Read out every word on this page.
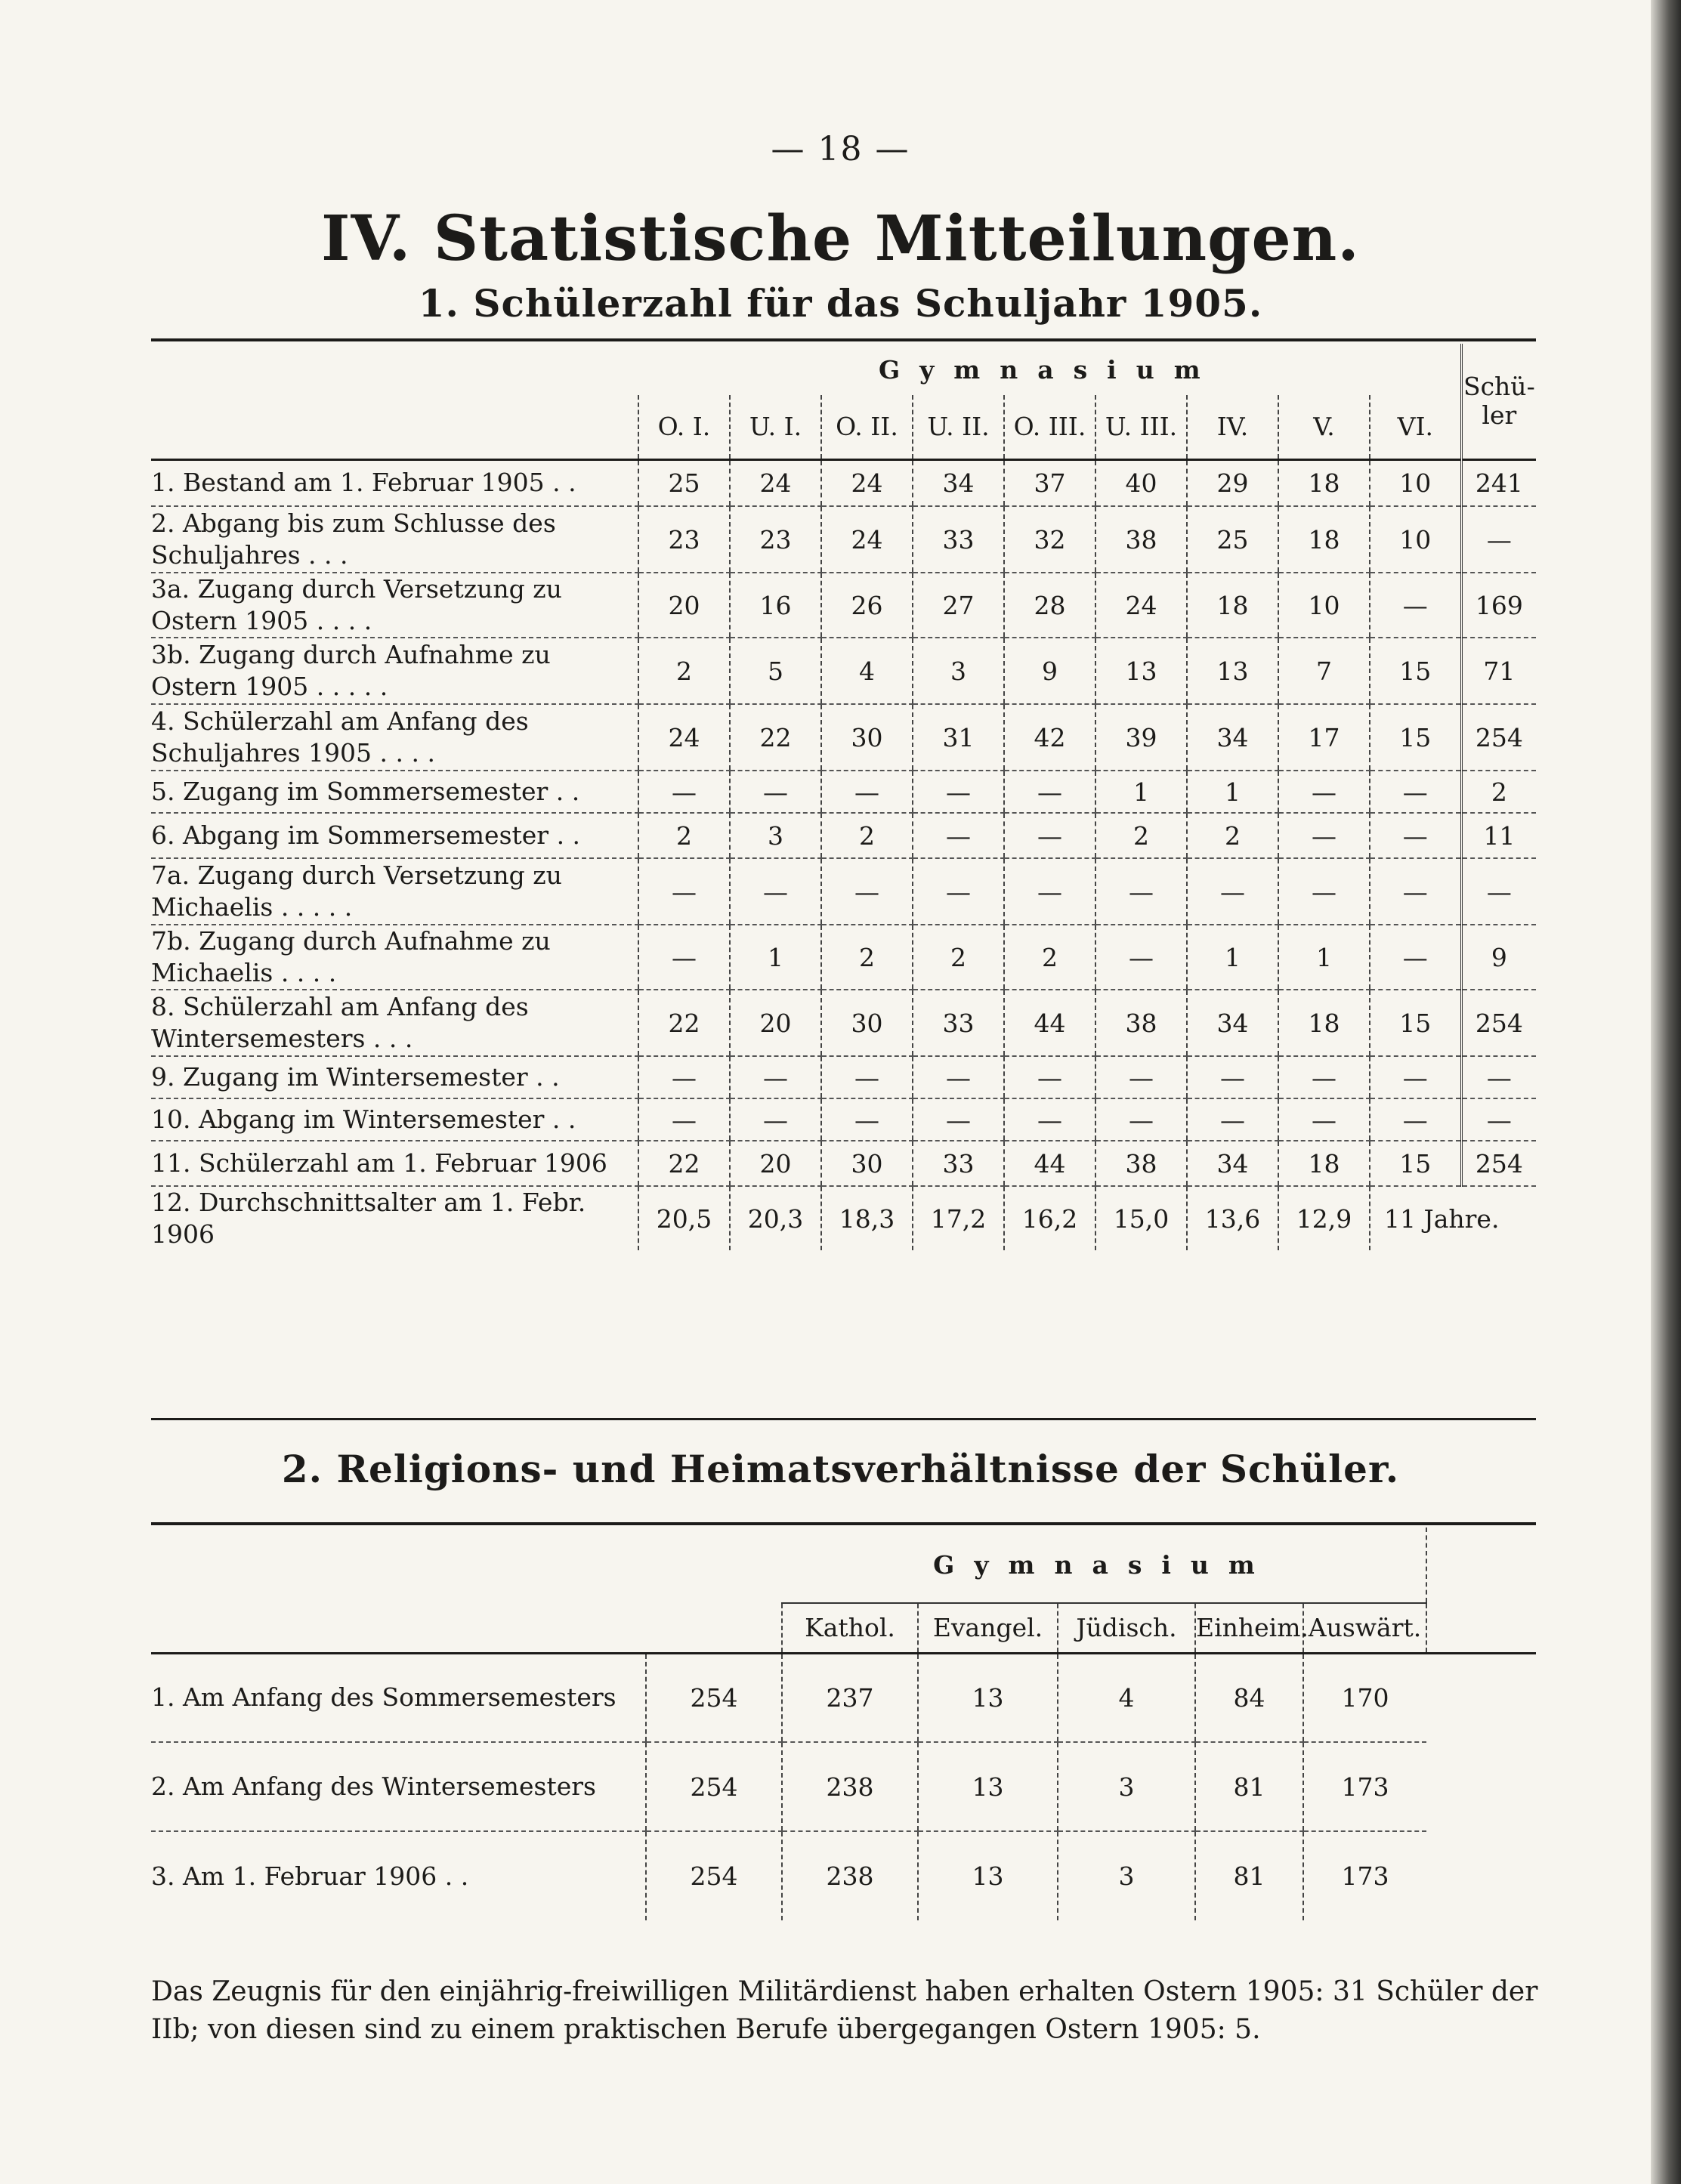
— 18 —
IV. Statistische Mitteilungen.
1. Schülerzahl für das Schuljahr 1905.
	Gymnasium									Schü-ler
	O. I.	U. I.	O. II.	U. II.	O. III.	U. III.	IV.	V.	VI.	
1. Bestand am 1. Februar 1905 . .	25	24	24	34	37	40	29	18	10	241
2. Abgang bis zum Schlusse des Schuljahres . . .	23	23	24	33	32	38	25	18	10	—
3a. Zugang durch Versetzung zu Ostern 1905 . . . .	20	16	26	27	28	24	18	10	—	169
3b. Zugang durch Aufnahme zu Ostern 1905 . . . . .	2	5	4	3	9	13	13	7	15	71
4. Schülerzahl am Anfang des Schuljahres 1905 . . . .	24	22	30	31	42	39	34	17	15	254
5. Zugang im Sommersemester . .	—	—	—	—	—	1	1	—	—	2
6. Abgang im Sommersemester . .	2	3	2	—	—	2	2	—	—	11
7a. Zugang durch Versetzung zu Michaelis . . . . .	—	—	—	—	—	—	—	—	—	—
7b. Zugang durch Aufnahme zu Michaelis . . . .	—	1	2	2	2	—	1	1	—	9
8. Schülerzahl am Anfang des Wintersemesters . . .	22	20	30	33	44	38	34	18	15	254
9. Zugang im Wintersemester . .	—	—	—	—	—	—	—	—	—	—
10. Abgang im Wintersemester . .	—	—	—	—	—	—	—	—	—	—
11. Schülerzahl am 1. Februar 1906	22	20	30	33	44	38	34	18	15	254
12. Durchschnittsalter am 1. Febr. 1906	20,5	20,3	18,3	17,2	16,2	15,0	13,6	12,9	11 Jahre.	
2. Religions- und Heimatsverhältnisse der Schüler.
		Gymnasium					
		Kathol.	Evangel.	Jüdisch.	Einheim.	Auswärt.	
1. Am Anfang des Sommersemesters	254	237	13	4	84	170	
2. Am Anfang des Wintersemesters	254	238	13	3	81	173	
3. Am 1. Februar 1906 . .	254	238	13	3	81	173	
Das Zeugnis für den einjährig-freiwilligen Militärdienst haben erhalten Ostern 1905: 31 Schüler der IIb; von diesen sind zu einem praktischen Berufe übergegangen Ostern 1905: 5.
